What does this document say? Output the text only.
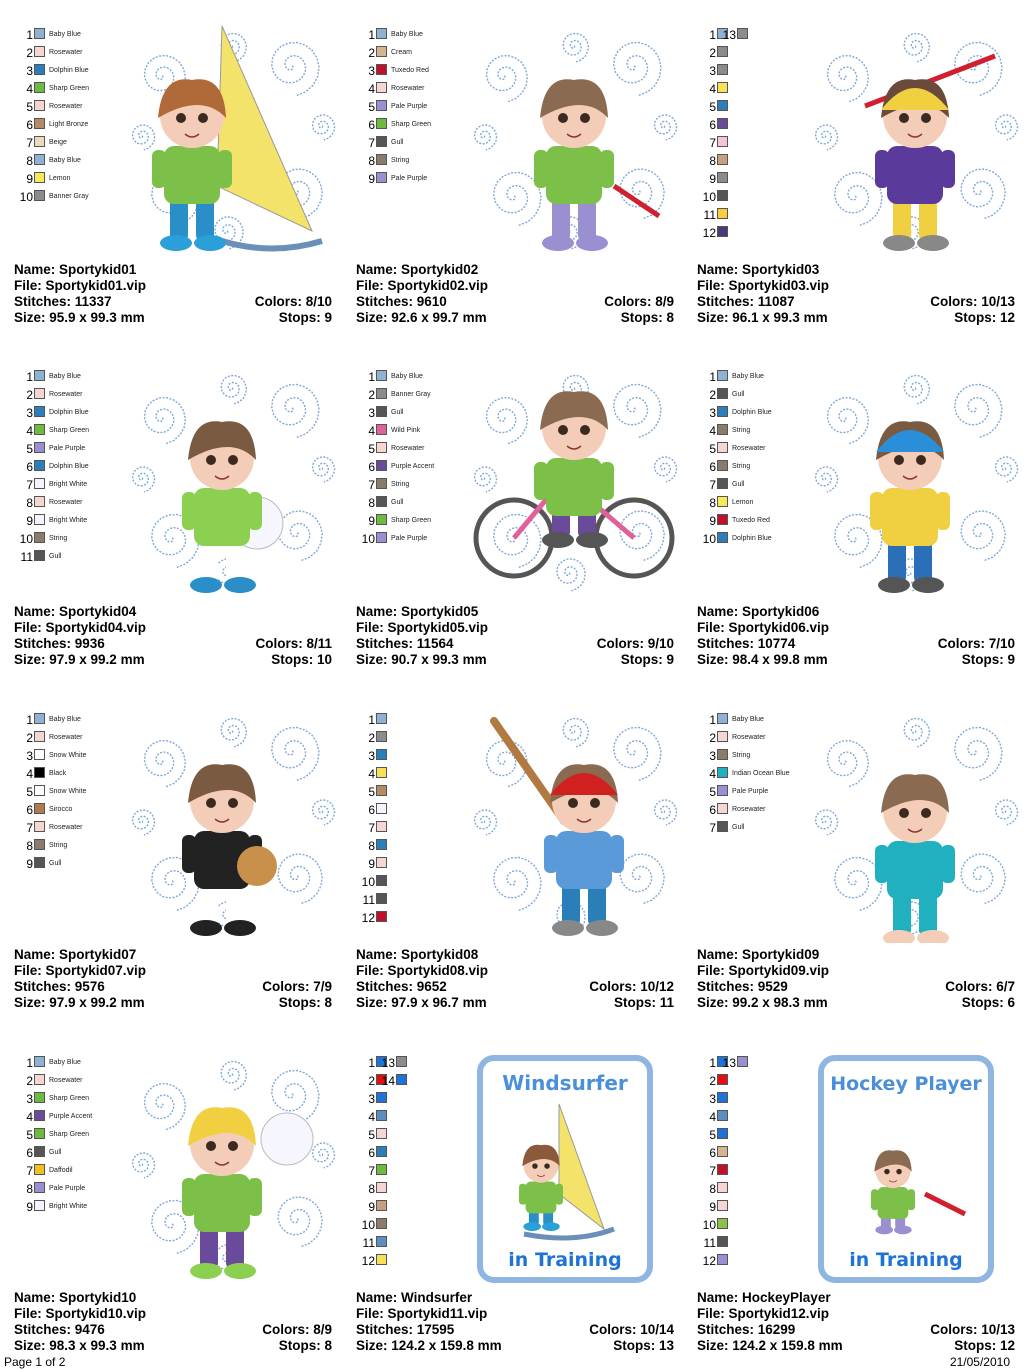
1 Baby Blue
2 Rosewater
3 Dolphin Blue
4 Sharp Green
5 Rosewater
6 Light Bronze
7 Beige
8 Baby Blue
9 Lemon
10 Banner Gray
Name: Sportykid01
File: Sportykid01.vip
Stitches: 11337	Colors: 8/10
Size: 95.9 x 99.3 mm	Stops: 9
1 Baby Blue
2 Cream
3 Tuxedo Red
4 Rosewater
5 Pale Purple
6 Sharp Green
7 Gull
8 String
9 Pale Purple
Name: Sportykid02
File: Sportykid02.vip
Stitches: 9610	Colors: 8/9
Size: 92.6 x 99.7 mm	Stops: 8
1
2
3
4
5
6
7
8
9
10
11
12
13
Name: Sportykid03
File: Sportykid03.vip
Stitches: 11087	Colors: 10/13
Size: 96.1 x 99.3 mm	Stops: 12
1 Baby Blue
2 Rosewater
3 Dolphin Blue
4 Sharp Green
5 Pale Purple
6 Dolphin Blue
7 Bright White
8 Rosewater
9 Bright White
10 String
11 Gull
Name: Sportykid04
File: Sportykid04.vip
Stitches: 9936	Colors: 8/11
Size: 97.9 x 99.2 mm	Stops: 10
1 Baby Blue
2 Banner Gray
3 Gull
4 Wild Pink
5 Rosewater
6 Purple Accent
7 String
8 Gull
9 Sharp Green
10 Pale Purple
Name: Sportykid05
File: Sportykid05.vip
Stitches: 11564	Colors: 9/10
Size: 90.7 x 99.3 mm	Stops: 9
1 Baby Blue
2 Gull
3 Dolphin Blue
4 String
5 Rosewater
6 String
7 Gull
8 Lemon
9 Tuxedo Red
10 Dolphin Blue
Name: Sportykid06
File: Sportykid06.vip
Stitches: 10774	Colors: 7/10
Size: 98.4 x 99.8 mm	Stops: 9
1 Baby Blue
2 Rosewater
3 Snow White
4 Black
5 Snow White
6 Sirocco
7 Rosewater
8 String
9 Gull
Name: Sportykid07
File: Sportykid07.vip
Stitches: 9576	Colors: 7/9
Size: 97.9 x 99.2 mm	Stops: 8
1
2
3
4
5
6
7
8
9
10
11
12
Name: Sportykid08
File: Sportykid08.vip
Stitches: 9652	Colors: 10/12
Size: 97.9 x 96.7 mm	Stops: 11
1 Baby Blue
2 Rosewater
3 String
4 Indian Ocean Blue
5 Pale Purple
6 Rosewater
7 Gull
Name: Sportykid09
File: Sportykid09.vip
Stitches: 9529	Colors: 6/7
Size: 99.2 x 98.3 mm	Stops: 6
1 Baby Blue
2 Rosewater
3 Sharp Green
4 Purple Accent
5 Sharp Green
6 Gull
7 Daffodil
8 Pale Purple
9 Bright White
Name: Sportykid10
File: Sportykid10.vip
Stitches: 9476	Colors: 8/9
Size: 98.3 x 99.3 mm	Stops: 8
1
2
3
4
5
6
7
8
9
10
11
12
13
14	Windsurfer
in Training
Name: Windsurfer
File: Sportykid11.vip
Stitches: 17595	Colors: 10/14
Size: 124.2 x 159.8 mm	Stops: 13
1
2
3
4
5
6
7
8
9
10
11
12
13
Hockey Player
in Training
Name: HockeyPlayer
File: Sportykid12.vip
Stitches: 16299	Colors: 10/13
Size: 124.2 x 159.8 mm	Stops: 12
Page 1 of 2	21/05/2010
